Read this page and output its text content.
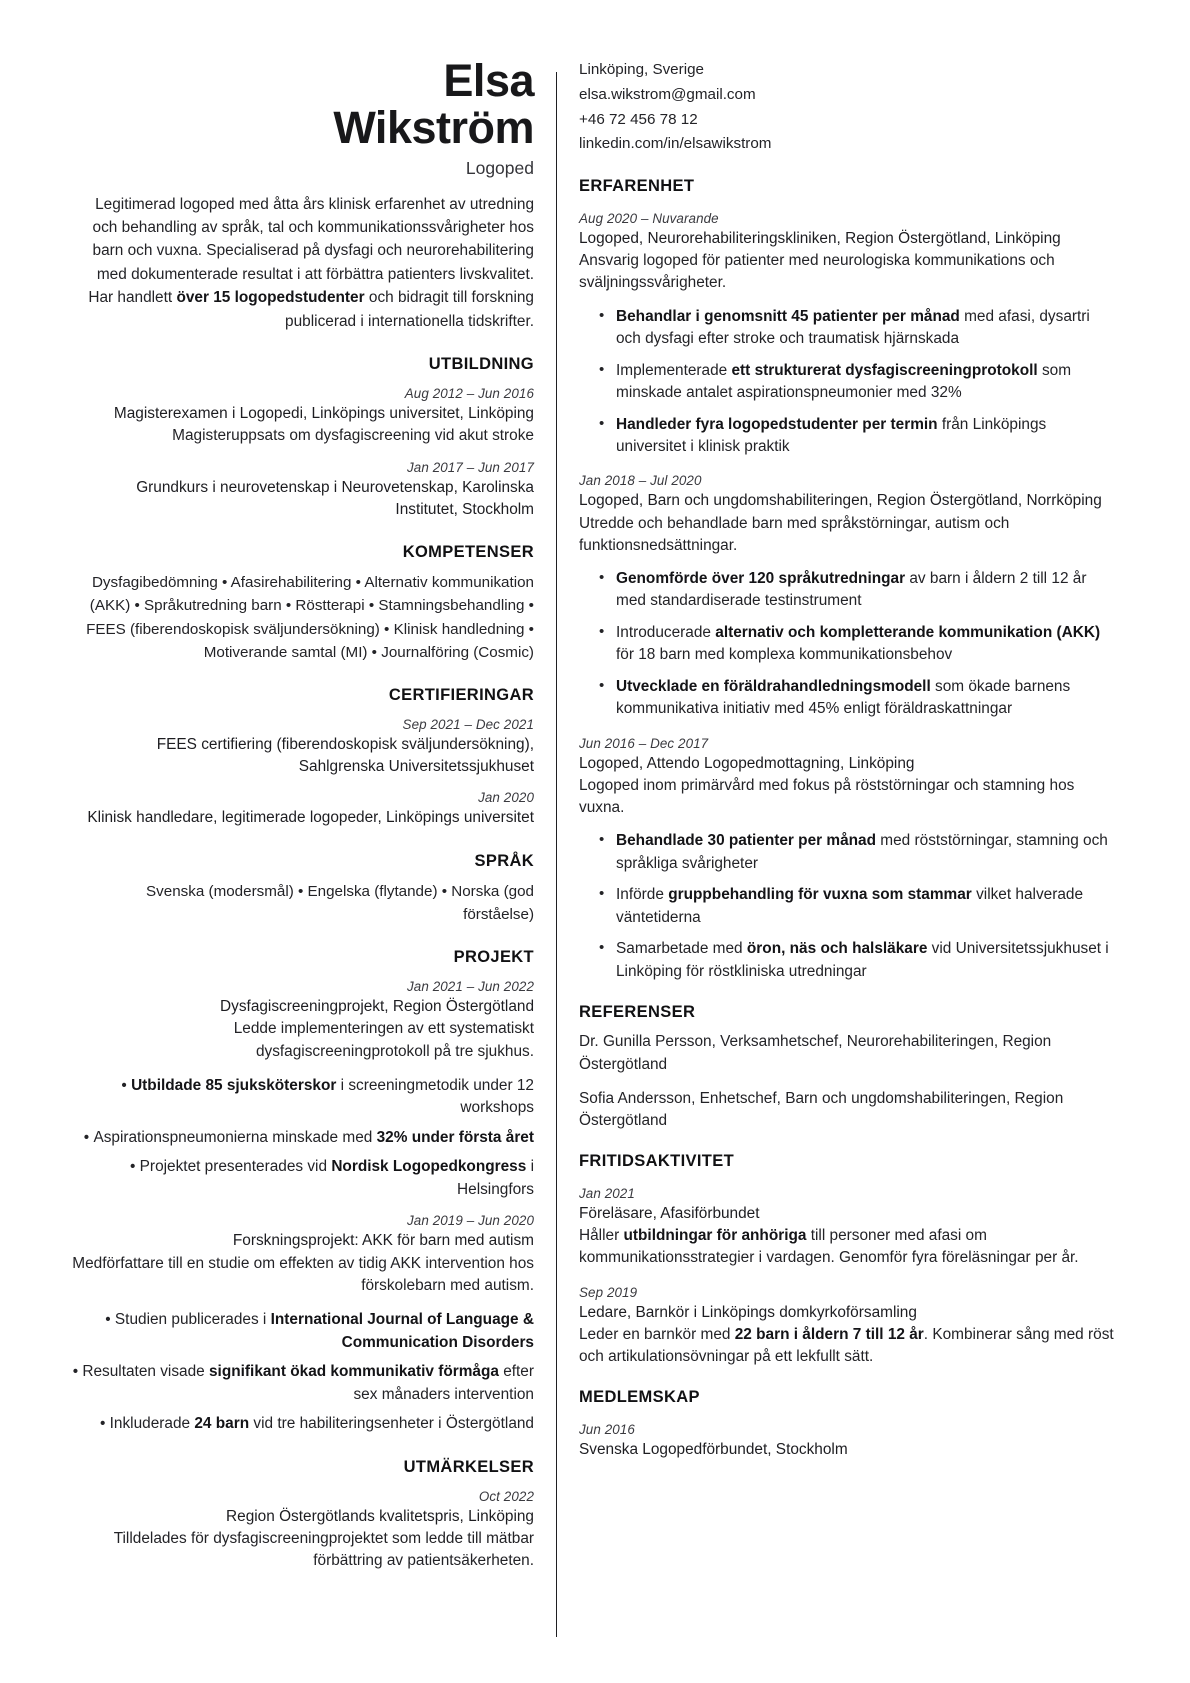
Elsa
Wikström
Logoped
Legitimerad logoped med åtta års klinisk erfarenhet av utredning och behandling av språk, tal och kommunikationssvårigheter hos barn och vuxna. Specialiserad på dysfagi och neurorehabilitering med dokumenterade resultat i att förbättra patienters livskvalitet. Har handlett över 15 logopedstudenter och bidragit till forskning publicerad i internationella tidskrifter.
UTBILDNING
Aug 2012 – Jun 2016
Magisterexamen i Logopedi, Linköpings universitet, Linköping
Magisteruppsats om dysfagiscreening vid akut stroke
Jan 2017 – Jun 2017
Grundkurs i neurovetenskap i Neurovetenskap, Karolinska Institutet, Stockholm
KOMPETENSER
Dysfagibedömning • Afasirehabilitering • Alternativ kommunikation (AKK) • Språkutredning barn • Röstterapi • Stamningsbehandling • FEES (fiberendoskopisk sväljundersökning) • Klinisk handledning • Motiverande samtal (MI) • Journalföring (Cosmic)
CERTIFIERINGAR
Sep 2021 – Dec 2021
FEES certifiering (fiberendoskopisk sväljundersökning), Sahlgrenska Universitetssjukhuset
Jan 2020
Klinisk handledare, legitimerade logopeder, Linköpings universitet
SPRÅK
Svenska (modersmål) • Engelska (flytande) • Norska (god förståelse)
PROJEKT
Jan 2021 – Jun 2022
Dysfagiscreeningprojekt, Region Östergötland
Ledde implementeringen av ett systematiskt dysfagiscreeningprotokoll på tre sjukhus.
• Utbildade 85 sjuksköterskor i screeningmetodik under 12 workshops
• Aspirationspneumonierna minskade med 32% under första året
• Projektet presenterades vid Nordisk Logopedkongress i Helsingfors
Jan 2019 – Jun 2020
Forskningsprojekt: AKK för barn med autism
Medförfattare till en studie om effekten av tidig AKK intervention hos förskolebarn med autism.
• Studien publicerades i International Journal of Language & Communication Disorders
• Resultaten visade signifikant ökad kommunikativ förmåga efter sex månaders intervention
• Inkluderade 24 barn vid tre habiliteringsenheter i Östergötland
UTMÄRKELSER
Oct 2022
Region Östergötlands kvalitetspris, Linköping
Tilldelades för dysfagiscreeningprojektet som ledde till mätbar förbättring av patientsäkerheten.
Linköping, Sverige
elsa.wikstrom@gmail.com
+46 72 456 78 12
linkedin.com/in/elsawikstrom
ERFARENHET
Aug 2020 – Nuvarande
Logoped, Neurorehabiliteringskliniken, Region Östergötland, Linköping
Ansvarig logoped för patienter med neurologiska kommunikations och sväljningssvårigheter.
• Behandlar i genomsnitt 45 patienter per månad med afasi, dysartri och dysfagi efter stroke och traumatisk hjärnskada
• Implementerade ett strukturerat dysfagiscreeningprotokoll som minskade antalet aspirationspneumonier med 32%
• Handleder fyra logopedstudenter per termin från Linköpings universitet i klinisk praktik
Jan 2018 – Jul 2020
Logoped, Barn och ungdomshabiliteringen, Region Östergötland, Norrköping
Utredde och behandlade barn med språkstörningar, autism och funktionsnedsättningar.
• Genomförde över 120 språkutredningar av barn i åldern 2 till 12 år med standardiserade testinstrument
• Introducerade alternativ och kompletterande kommunikation (AKK) för 18 barn med komplexa kommunikationsbehov
• Utvecklade en föräldrahandledningsmodell som ökade barnens kommunikativa initiativ med 45% enligt föräldraskattningar
Jun 2016 – Dec 2017
Logoped, Attendo Logopedmottagning, Linköping
Logoped inom primärvård med fokus på röststörningar och stamning hos vuxna.
• Behandlade 30 patienter per månad med röststörningar, stamning och språkliga svårigheter
• Införde gruppbehandling för vuxna som stammar vilket halverade väntetiderna
• Samarbetade med öron, näs och halsläkare vid Universitetssjukhuset i Linköping för röstkliniska utredningar
REFERENSER
Dr. Gunilla Persson, Verksamhetschef, Neurorehabiliteringen, Region Östergötland
Sofia Andersson, Enhetschef, Barn och ungdomshabiliteringen, Region Östergötland
FRITIDSAKTIVITET
Jan 2021
Föreläsare, Afasiförbundet
Håller utbildningar för anhöriga till personer med afasi om kommunikationsstrategier i vardagen. Genomför fyra föreläsningar per år.
Sep 2019
Ledare, Barnkör i Linköpings domkyrkoförsamling
Leder en barnkör med 22 barn i åldern 7 till 12 år. Kombinerar sång med röst och artikulationsövningar på ett lekfullt sätt.
MEDLEMSKAP
Jun 2016
Svenska Logopedförbundet, Stockholm
